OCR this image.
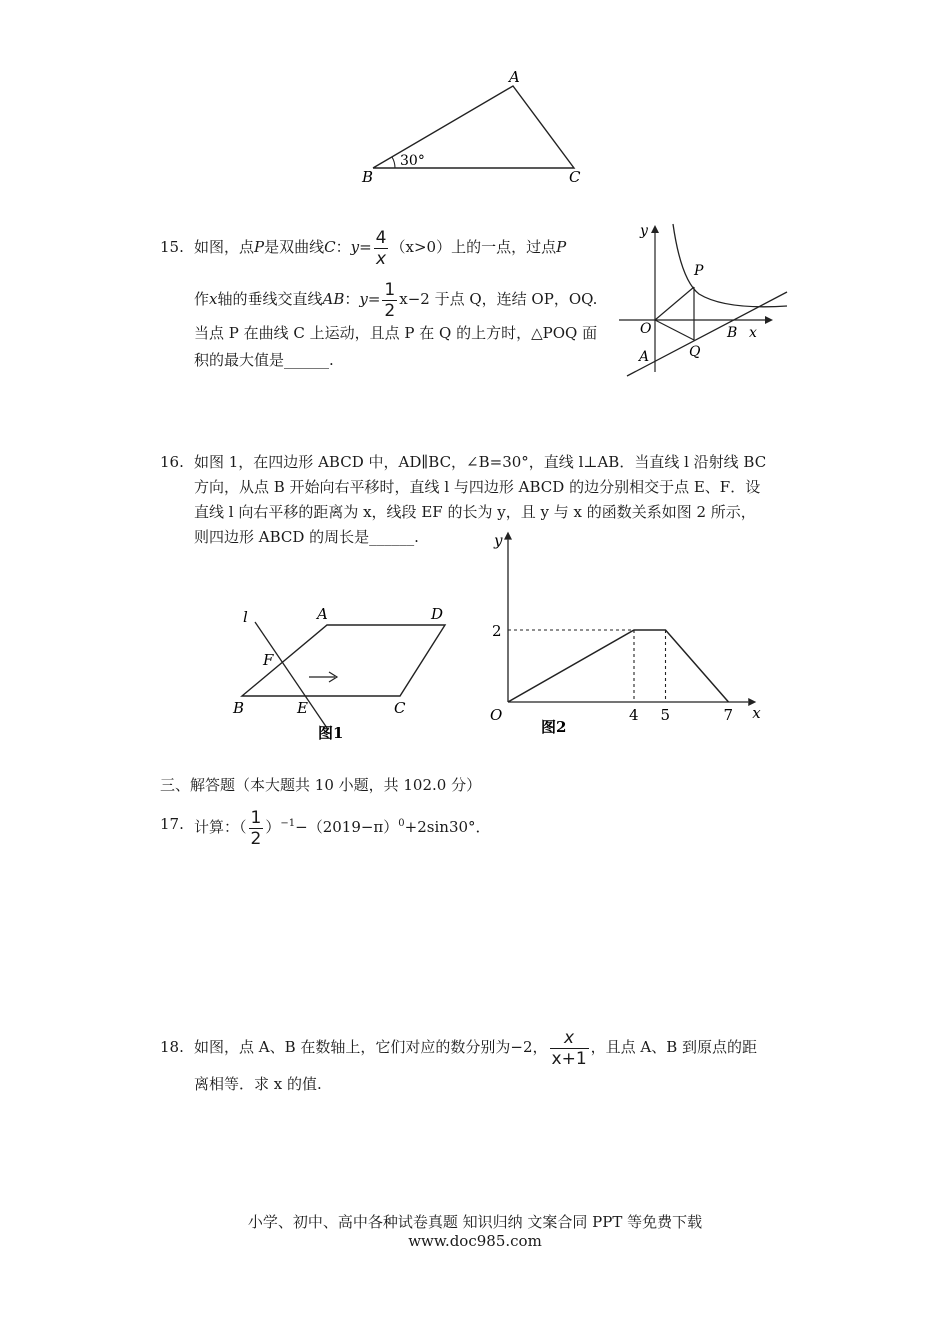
A
B	C
30°
15. 如图，点P是双曲线C：$y= \frac{4}{x} (x>0)$上的一点，过点P
作x轴的垂线交直线AB：$y= \frac{1}{2} x-2$ 于点 Q，连结 OP，OQ.
当点 P 在曲线 C 上运动，且点 P 在 Q 的上方时，△POQ 面
积的最大值是______.
y
P
O	B x
Q
A
16. 如图 1，在四边形 ABCD 中，AD∥BC，∠B=30°，直线 l⊥AB．当直线 l 沿射线 BC
方向，从点 B 开始向右平移时，直线 l 与四边形 ABCD 的边分别相交于点 E、F．设
直线 l 向右平移的距离为 x，线段 EF 的长为 y，且 y 与 x 的函数关系如图 2 所示，
则四边形 ABCD 的周长是______.
l	A	D
F
B	E	C
图1
O
y
x
2
4 5	7
图2
三、解答题（本大题共 10 小题，共 102.0 分）
17. 计算：（ $\frac{1}{2} )^{-1}-(2019-\pi)^0+2\sin 30^\circ$．
18. 如图，点 A、B 在数轴上，它们对应的数分别为−2， $\frac{x}{x+1}$ ，且点 A、B 到原点的距
离相等．求 x 的值.
小学、初中、高中各种试卷真题 知识归纳 文案合同 PPT 等免费下载
www.doc985.com
